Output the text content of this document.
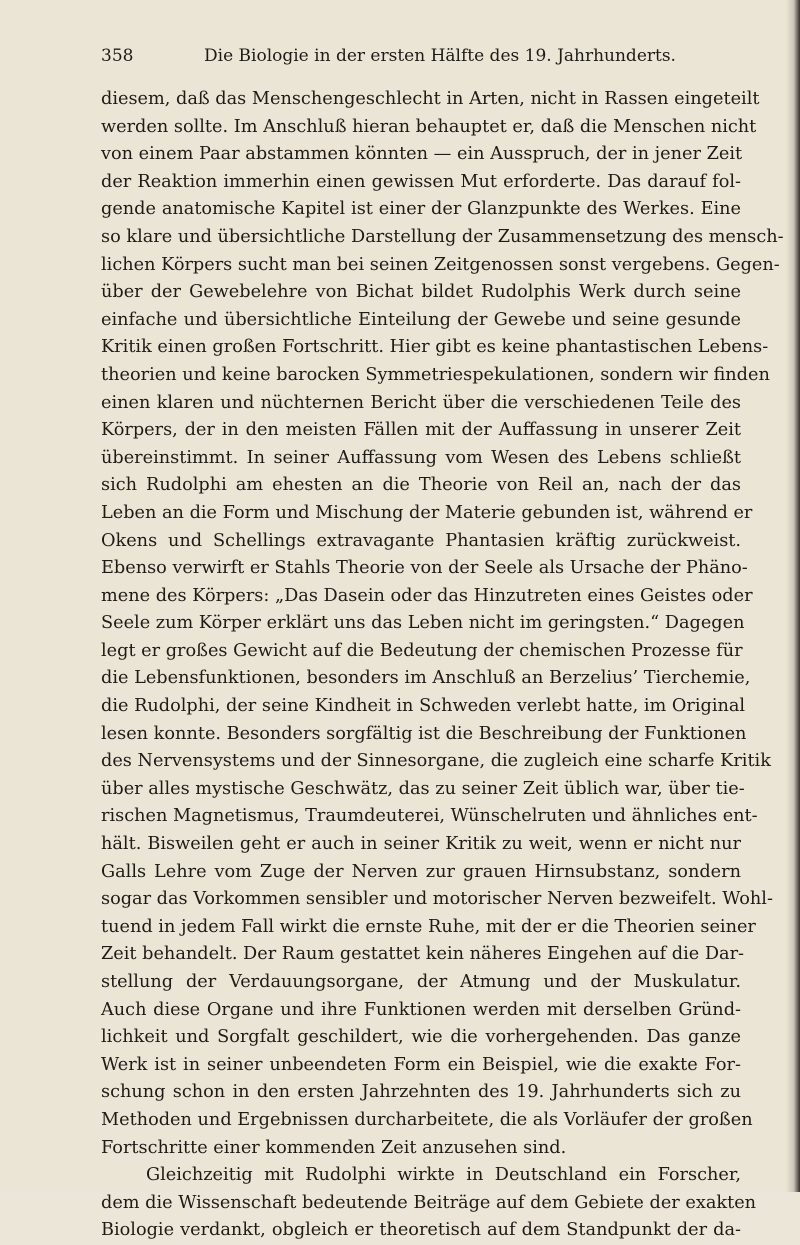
358	Die Biologie in der ersten Hälfte des 19. Jahrhunderts.
diesem, daß das Menschengeschlecht in Arten, nicht in Rassen eingeteilt
werden sollte. Im Anschluß hieran behauptet er, daß die Menschen nicht
von einem Paar abstammen könnten — ein Ausspruch, der in jener Zeit
der Reaktion immerhin einen gewissen Mut erforderte. Das darauf fol-
gende anatomische Kapitel ist einer der Glanzpunkte des Werkes. Eine
so klare und übersichtliche Darstellung der Zusammensetzung des mensch-
lichen Körpers sucht man bei seinen Zeitgenossen sonst vergebens. Gegen-
über der Gewebelehre von Bichat bildet Rudolphis Werk durch seine
einfache und übersichtliche Einteilung der Gewebe und seine gesunde
Kritik einen großen Fortschritt. Hier gibt es keine phantastischen Lebens-
theorien und keine barocken Symmetriespekulationen, sondern wir finden
einen klaren und nüchternen Bericht über die verschiedenen Teile des
Körpers, der in den meisten Fällen mit der Auffassung in unserer Zeit
übereinstimmt. In seiner Auffassung vom Wesen des Lebens schließt
sich Rudolphi am ehesten an die Theorie von Reil an, nach der das
Leben an die Form und Mischung der Materie gebunden ist, während er
Okens und Schellings extravagante Phantasien kräftig zurückweist.
Ebenso verwirft er Stahls Theorie von der Seele als Ursache der Phäno-
mene des Körpers: „Das Dasein oder das Hinzutreten eines Geistes oder
Seele zum Körper erklärt uns das Leben nicht im geringsten.“ Dagegen
legt er großes Gewicht auf die Bedeutung der chemischen Prozesse für
die Lebensfunktionen, besonders im Anschluß an Berzelius’ Tierchemie,
die Rudolphi, der seine Kindheit in Schweden verlebt hatte, im Original
lesen konnte. Besonders sorgfältig ist die Beschreibung der Funktionen
des Nervensystems und der Sinnesorgane, die zugleich eine scharfe Kritik
über alles mystische Geschwätz, das zu seiner Zeit üblich war, über tie-
rischen Magnetismus, Traumdeuterei, Wünschelruten und ähnliches ent-
hält. Bisweilen geht er auch in seiner Kritik zu weit, wenn er nicht nur
Galls Lehre vom Zuge der Nerven zur grauen Hirnsubstanz, sondern
sogar das Vorkommen sensibler und motorischer Nerven bezweifelt. Wohl-
tuend in jedem Fall wirkt die ernste Ruhe, mit der er die Theorien seiner
Zeit behandelt. Der Raum gestattet kein näheres Eingehen auf die Dar-
stellung der Verdauungsorgane, der Atmung und der Muskulatur.
Auch diese Organe und ihre Funktionen werden mit derselben Gründ-
lichkeit und Sorgfalt geschildert, wie die vorhergehenden. Das ganze
Werk ist in seiner unbeendeten Form ein Beispiel, wie die exakte For-
schung schon in den ersten Jahrzehnten des 19. Jahrhunderts sich zu
Methoden und Ergebnissen durcharbeitete, die als Vorläufer der großen
Fortschritte einer kommenden Zeit anzusehen sind.
Gleichzeitig mit Rudolphi wirkte in Deutschland ein Forscher,
dem die Wissenschaft bedeutende Beiträge auf dem Gebiete der exakten
Biologie verdankt, obgleich er theoretisch auf dem Standpunkt der da-
